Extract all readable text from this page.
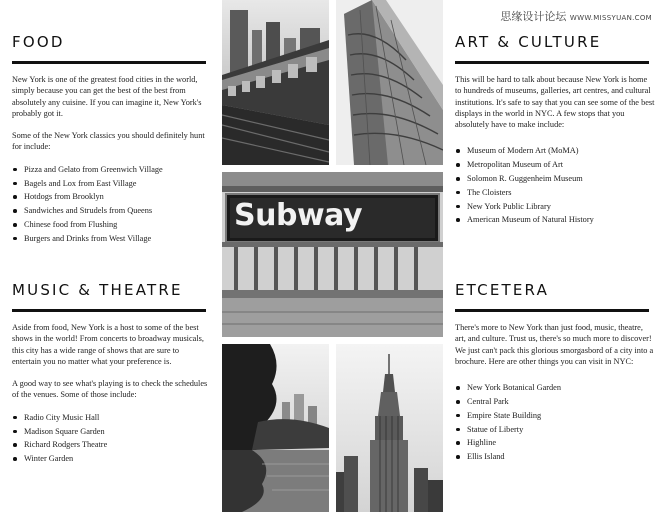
FOOD

New York is one of the greatest food cities in the world, simply because you can get the best of the best from absolutely any cuisine. If you can imagine it, New York's probably got it.

Some of the New York classics you should definitely hunt for include:

Pizza and Gelato from Greenwich Village
Bagels and Lox from East Village
Hotdogs from Brooklyn
Sandwiches and Strudels from Queens
Chinese food from Flushing
Burgers and Drinks from West Village
MUSIC & THEATRE

Aside from food, New York is a host to some of the best shows in the world! From concerts to broadway musicals, this city has a wide range of shows that are sure to entertain you no matter what your preference is.

A good way to see what's playing is to check the schedules of the venues. Some of those include:

Radio City Music Hall
Madison Square Garden
Richard Rodgers Theatre
Winter Garden
Subway
ART & CULTURE

This will be hard to talk about because New York is home to hundreds of museums, galleries, art centres, and cultural institutions. It's safe to say that you can see some of the best displays in the world in NYC. A few stops that you absolutely have to make include:

Museum of Modern Art (MoMA)
Metropolitan Museum of Art
Solomon R. Guggenheim Museum
The Cloisters
New York Public Library
American Museum of Natural History
ETCETERA

There's more to New York than just food, music, theatre, art, and culture. Trust us, there's so much more to discover! We just can't pack this glorious smorgasbord of a city into a brochure. Here are other things you can visit in NYC:

New York Botanical Garden
Central Park
Empire State Building
Statue of Liberty
Highline
Ellis Island
思缘设计论坛 WWW.MISSYUAN.COM
